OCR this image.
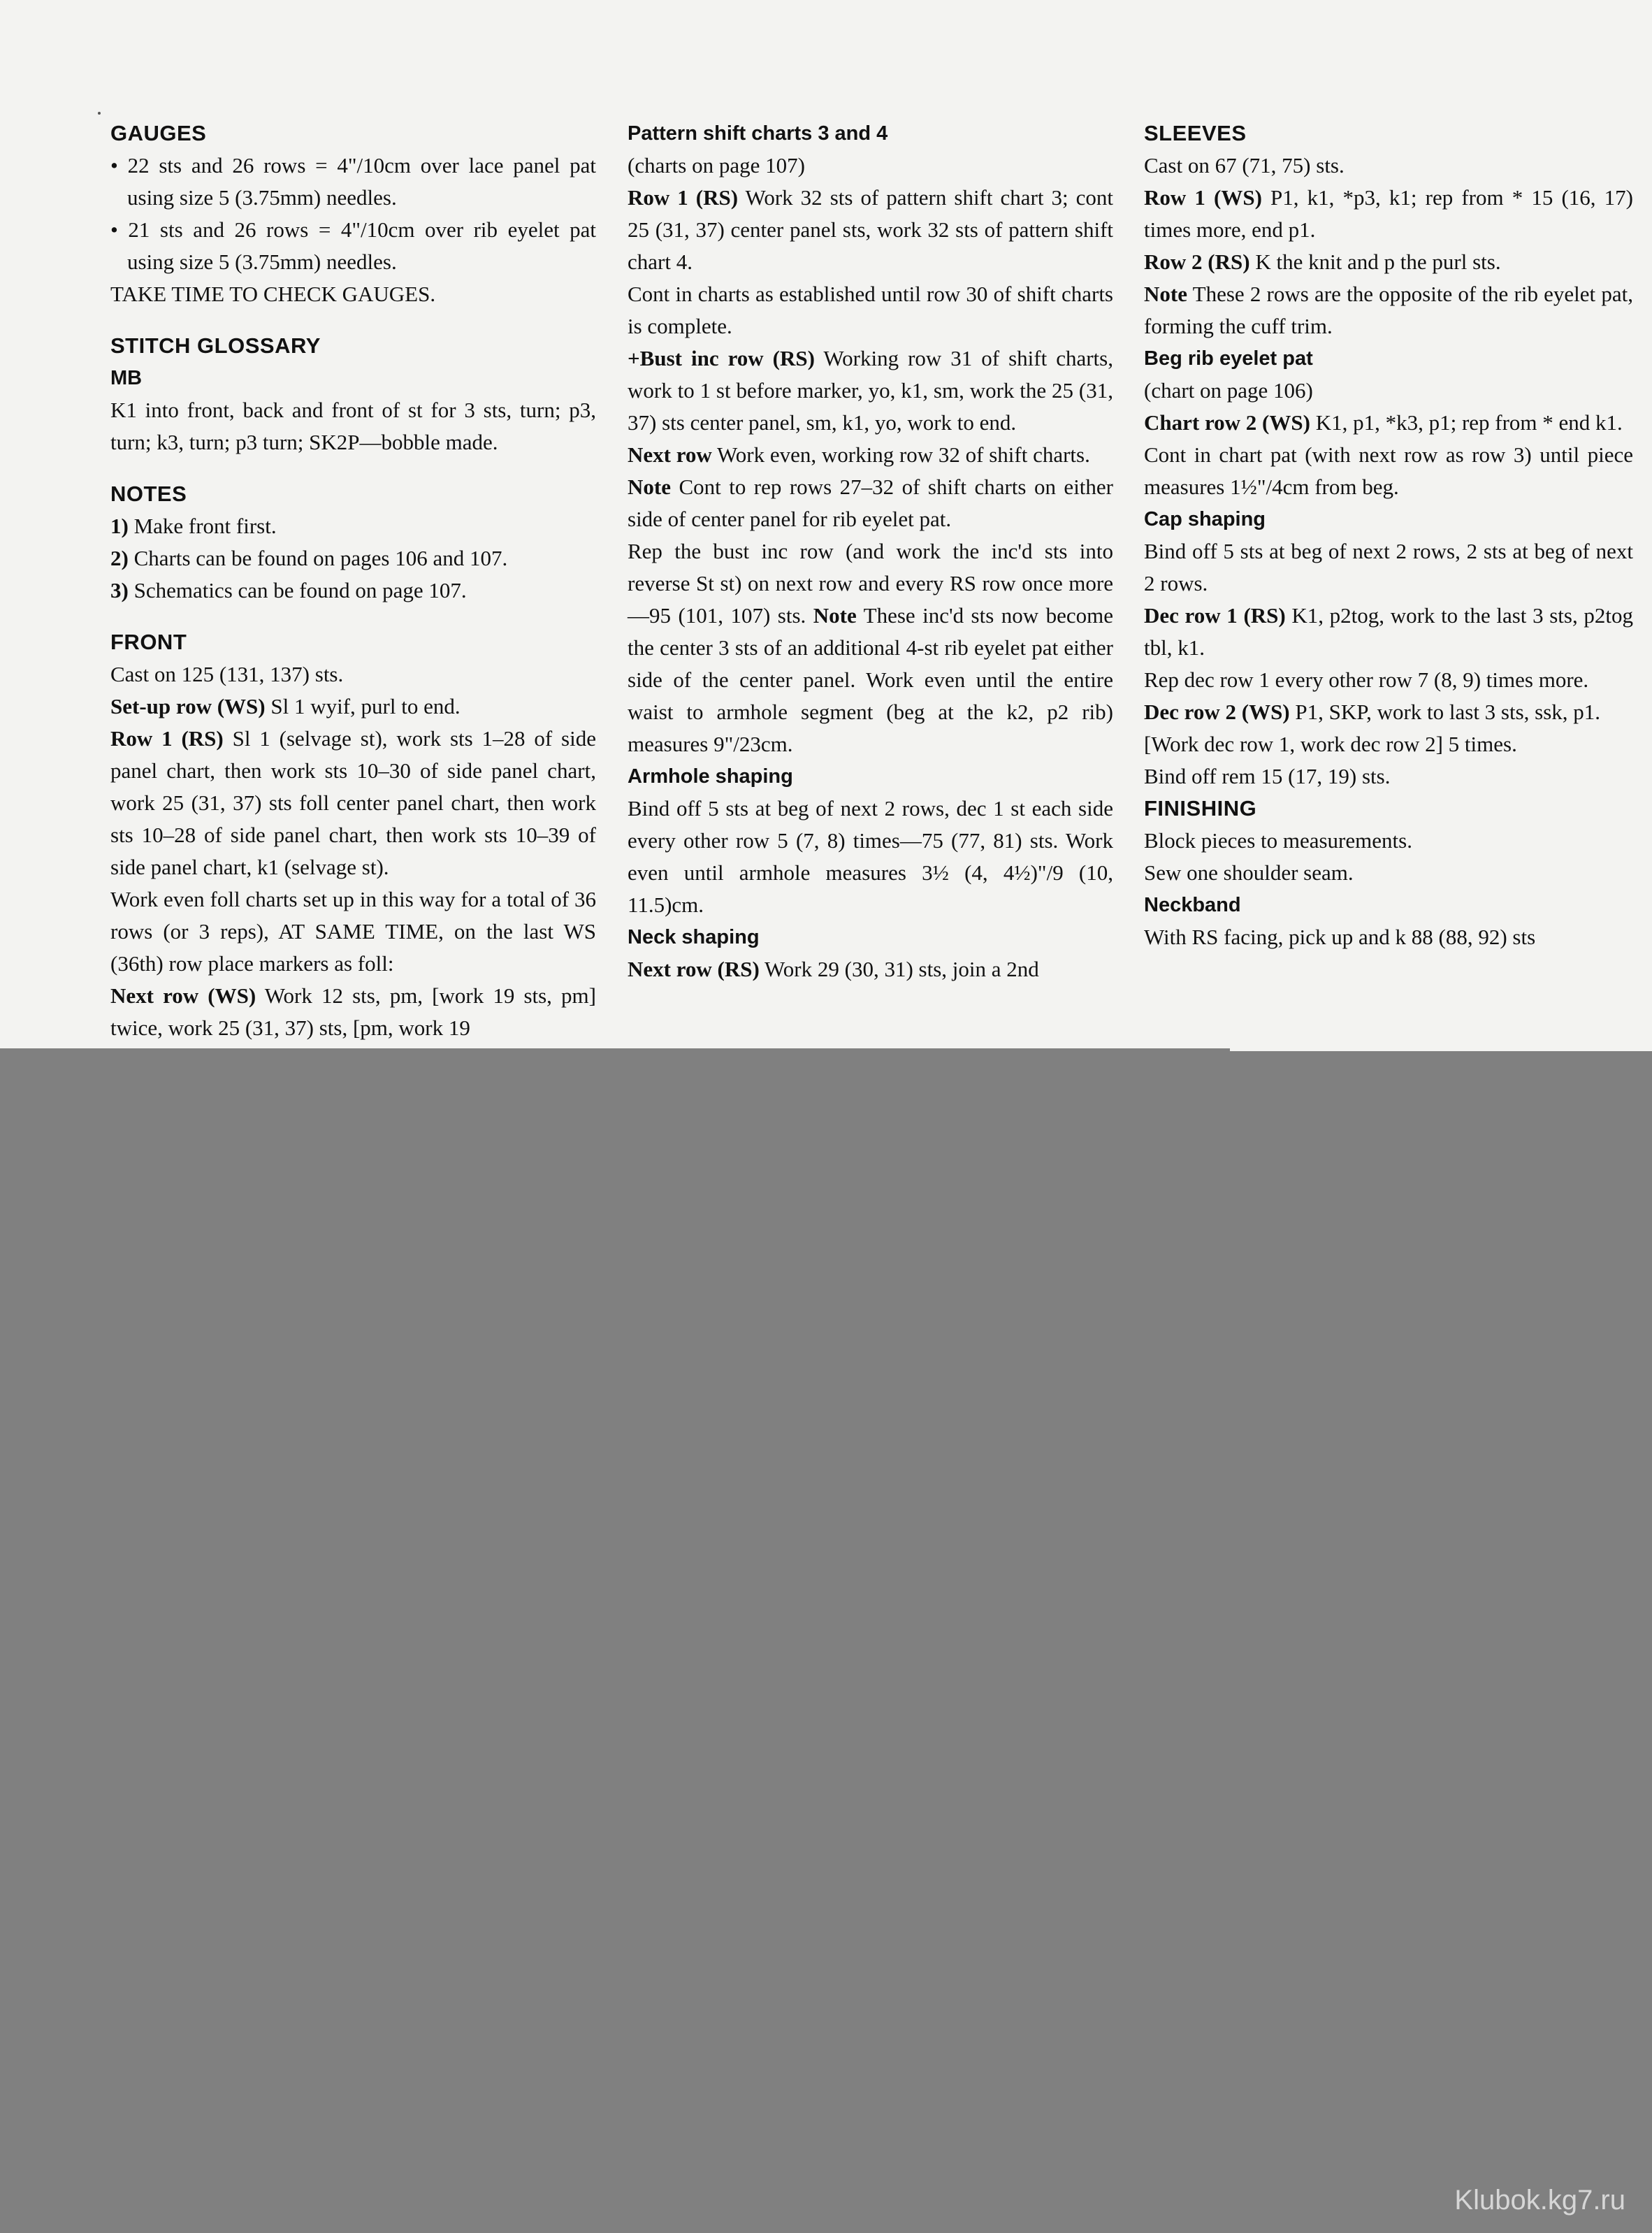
GAUGES

• 22 sts and 26 rows = 4"/10cm over lace panel pat using size 5 (3.75mm) needles.

• 21 sts and 26 rows = 4"/10cm over rib eyelet pat using size 5 (3.75mm) needles.

TAKE TIME TO CHECK GAUGES.

STITCH GLOSSARY
MB

K1 into front, back and front of st for 3 sts, turn; p3, turn; k3, turn; p3 turn; SK2P—bobble made.

NOTES

1) Make front first.

2) Charts can be found on pages 106 and 107.

3) Schematics can be found on page 107.

FRONT

Cast on 125 (131, 137) sts.

Set-up row (WS) Sl 1 wyif, purl to end.

Row 1 (RS) Sl 1 (selvage st), work sts 1–28 of side panel chart, then work sts 10–30 of side panel chart, work 25 (31, 37) sts foll center panel chart, then work sts 10–28 of side panel chart, then work sts 10–39 of side panel chart, k1 (selvage st).

Work even foll charts set up in this way for a total of 36 rows (or 3 reps), AT SAME TIME, on the last WS (36th) row place markers as foll:

Next row (WS) Work 12 sts, pm, [work 19 sts, pm] twice, work 25 (31, 37) sts, [pm, work 19

Pattern shift charts 3 and 4

(charts on page 107)

Row 1 (RS) Work 32 sts of pattern shift chart 3; cont 25 (31, 37) center panel sts, work 32 sts of pattern shift chart 4.

Cont in charts as established until row 30 of shift charts is complete.

+Bust inc row (RS) Working row 31 of shift charts, work to 1 st before marker, yo, k1, sm, work the 25 (31, 37) sts center panel, sm, k1, yo, work to end.

Next row Work even, working row 32 of shift charts.

Note Cont to rep rows 27–32 of shift charts on either side of center panel for rib eyelet pat.

Rep the bust inc row (and work the inc'd sts into reverse St st) on next row and every RS row once more—95 (101, 107) sts. Note These inc'd sts now become the center 3 sts of an additional 4-st rib eyelet pat either side of the center panel. Work even until the entire waist to armhole segment (beg at the k2, p2 rib) measures 9"/23cm.

Armhole shaping

Bind off 5 sts at beg of next 2 rows, dec 1 st each side every other row 5 (7, 8) times—75 (77, 81) sts. Work even until armhole measures 3½ (4, 4½)"/9 (10, 11.5)cm.

Neck shaping

Next row (RS) Work 29 (30, 31) sts, join a 2nd

SLEEVES

Cast on 67 (71, 75) sts.

Row 1 (WS) P1, k1, *p3, k1; rep from * 15 (16, 17) times more, end p1.

Row 2 (RS) K the knit and p the purl sts.

Note These 2 rows are the opposite of the rib eyelet pat, forming the cuff trim.

Beg rib eyelet pat

(chart on page 106)

Chart row 2 (WS) K1, p1, *k3, p1; rep from * end k1.

Cont in chart pat (with next row as row 3) until piece measures 1½"/4cm from beg.

Cap shaping

Bind off 5 sts at beg of next 2 rows, 2 sts at beg of next 2 rows.

Dec row 1 (RS) K1, p2tog, work to the last 3 sts, p2tog tbl, k1.

Rep dec row 1 every other row 7 (8, 9) times more.

Dec row 2 (WS) P1, SKP, work to last 3 sts, ssk, p1.

[Work dec row 1, work dec row 2] 5 times.

Bind off rem 15 (17, 19) sts.

FINISHING

Block pieces to measurements.

Sew one shoulder seam.

Neckband

With RS facing, pick up and k 88 (88, 92) sts

Klubok.kg7.ru
